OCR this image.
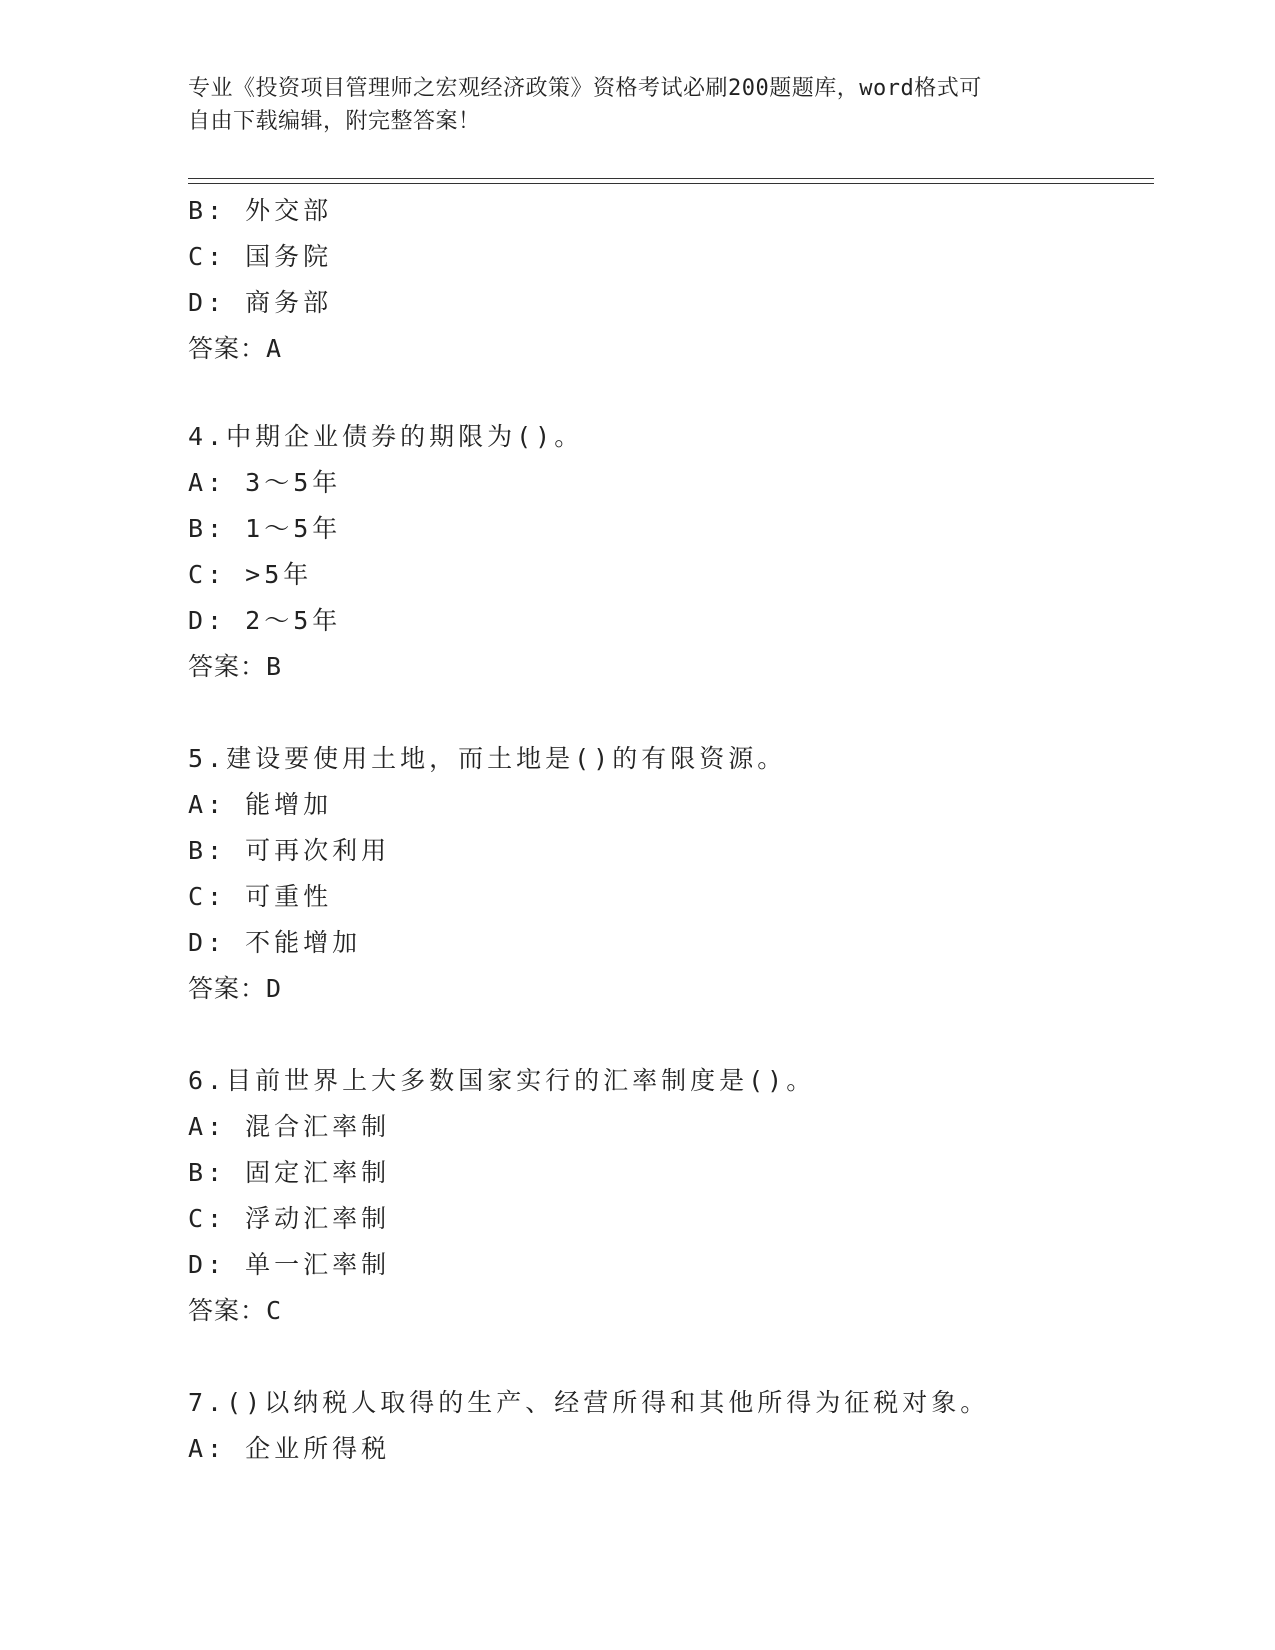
专业《投资项目管理师之宏观经济政策》资格考试必刷200题题库，word格式可
自由下载编辑，附完整答案！
B: 外交部
C: 国务院
D: 商务部
答案：A
4.中期企业债券的期限为()。
A: 3～5年
B: 1～5年
C: >5年
D: 2～5年
答案：B
5.建设要使用土地，而土地是()的有限资源。
A: 能增加
B: 可再次利用
C: 可重性
D: 不能增加
答案：D
6.目前世界上大多数国家实行的汇率制度是()。
A: 混合汇率制
B: 固定汇率制
C: 浮动汇率制
D: 单一汇率制
答案：C
7.()以纳税人取得的生产、经营所得和其他所得为征税对象。
A: 企业所得税
